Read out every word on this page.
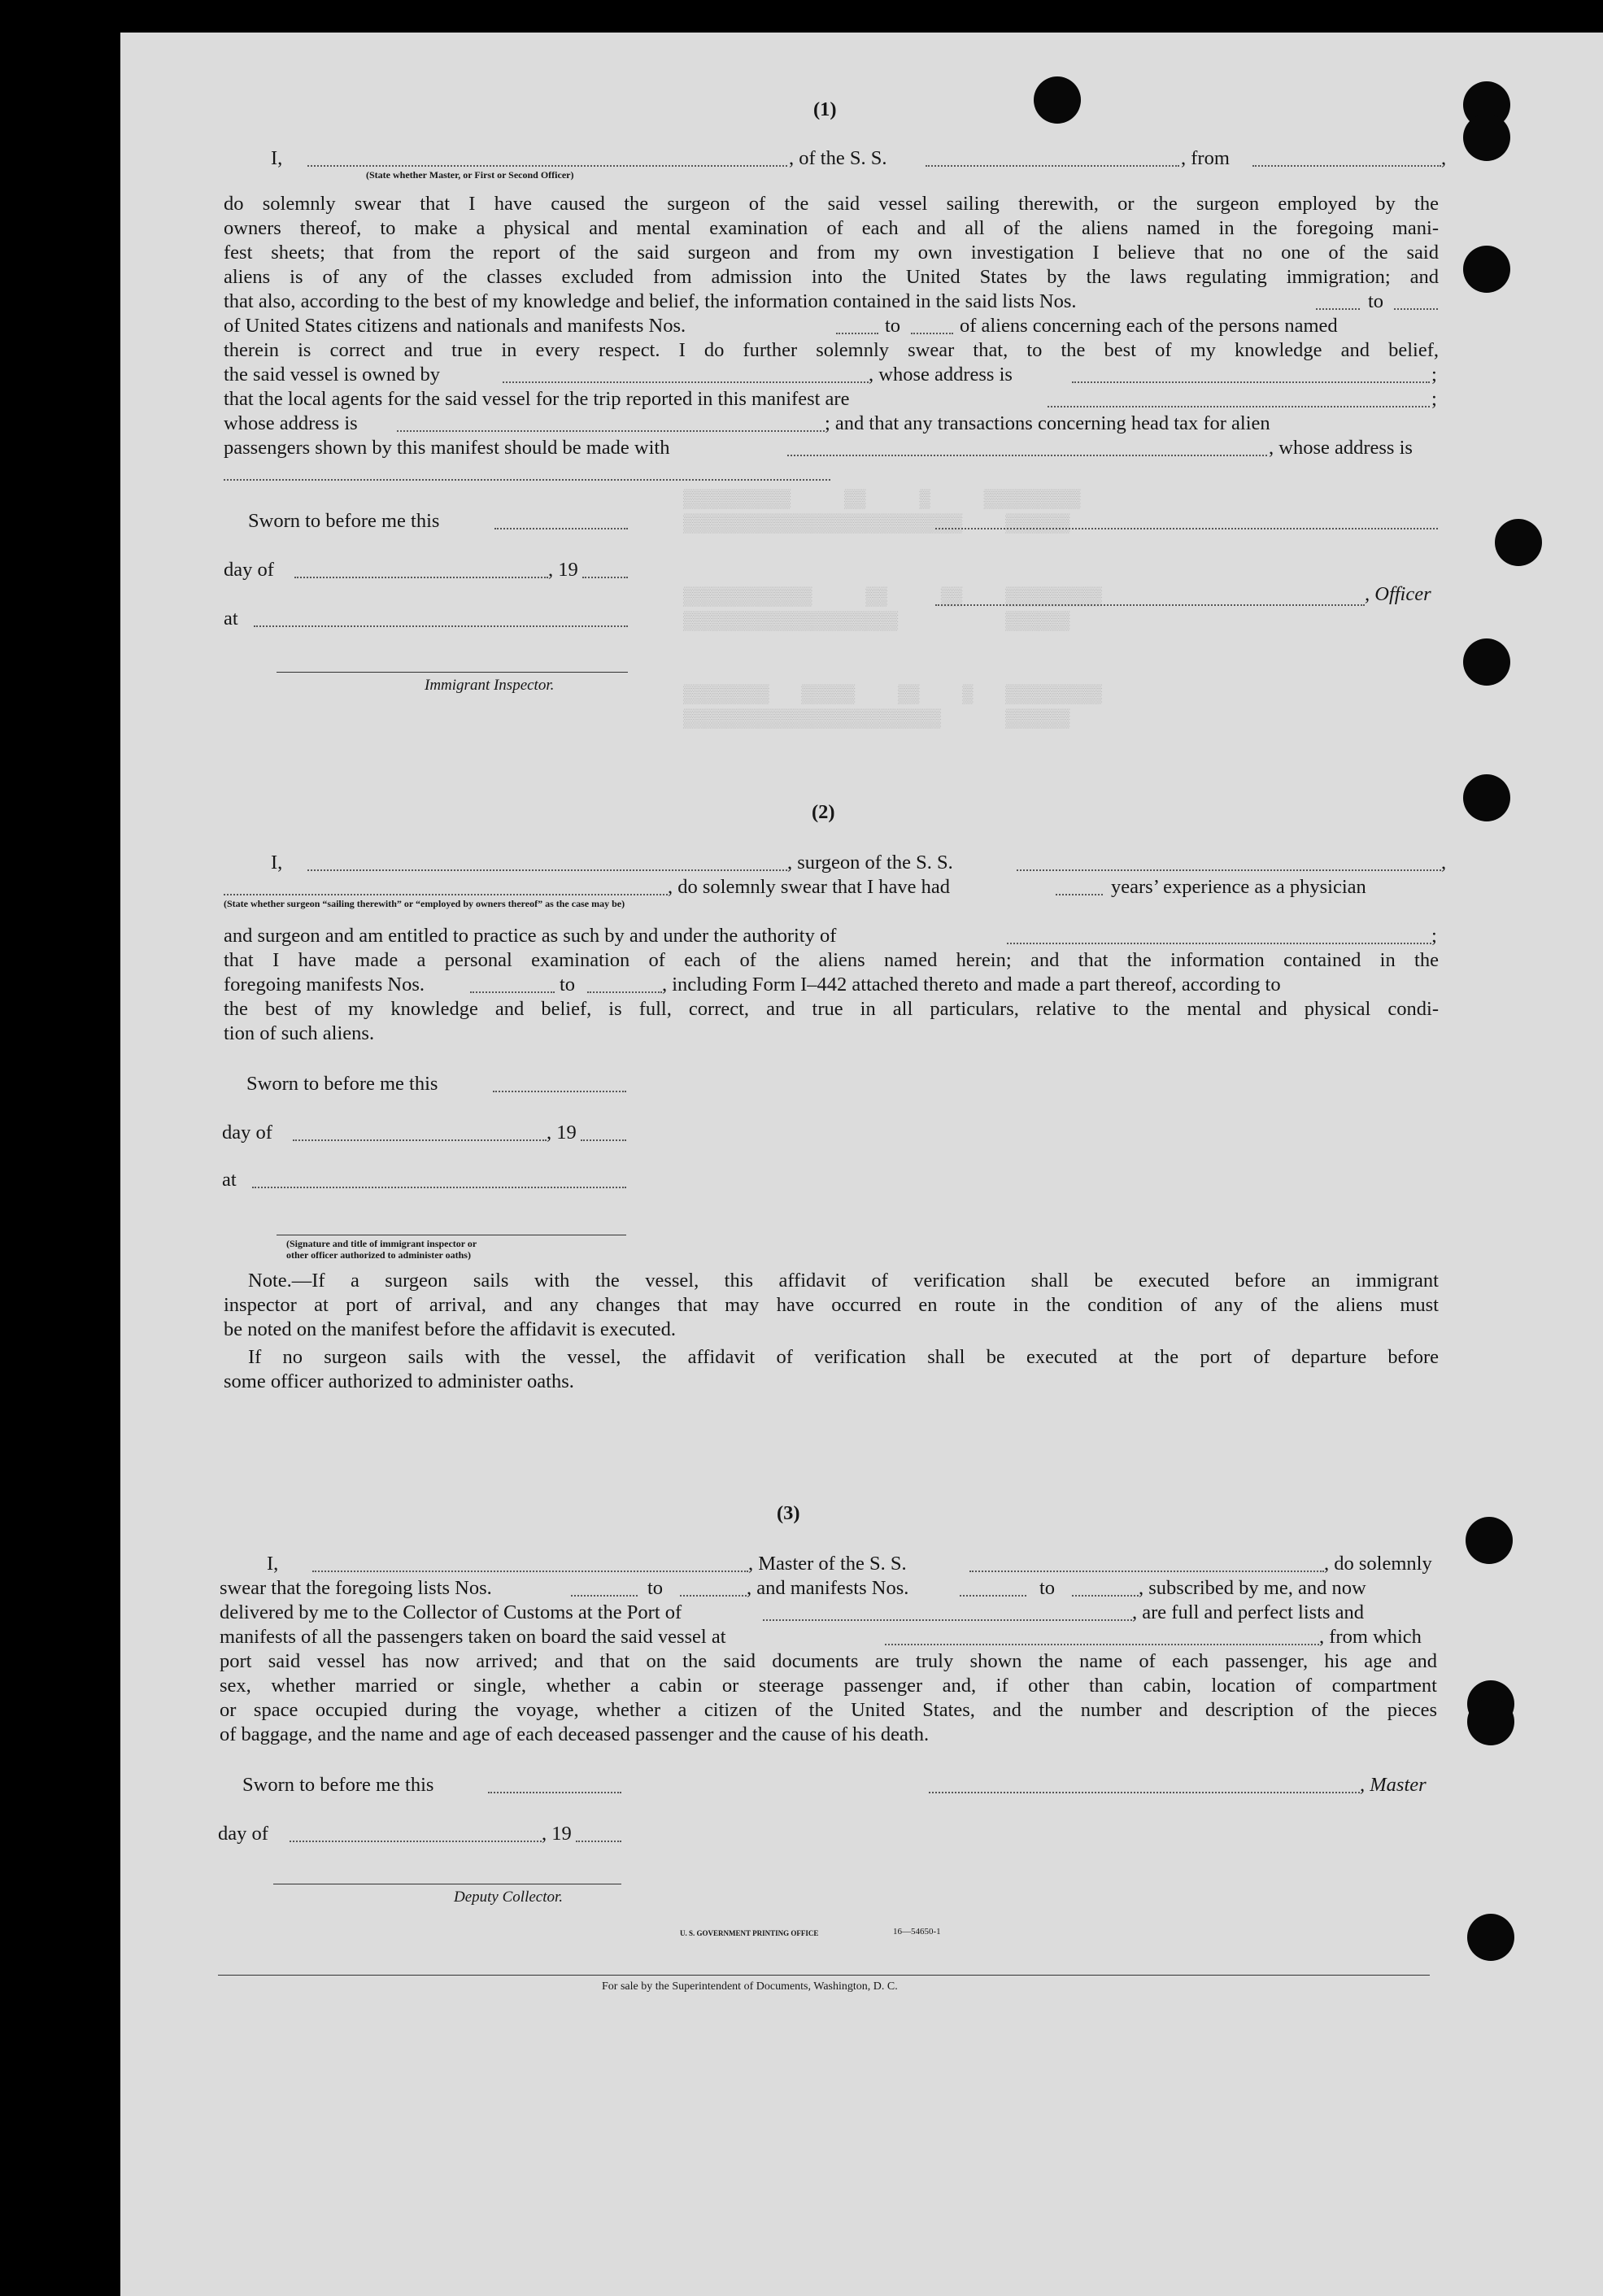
▒▒▒▒▒▒▒▒▒▒     ▒▒     ▒     ▒▒▒▒▒▒▒▒▒
▒▒▒▒▒▒▒▒▒▒▒▒▒▒▒▒▒▒▒▒▒▒▒▒▒▒    ▒▒▒▒▒▒

▒▒▒▒▒▒▒▒▒▒▒▒     ▒▒     ▒▒    ▒▒▒▒▒▒▒▒▒
▒▒▒▒▒▒▒▒▒▒▒▒▒▒▒▒▒▒▒▒          ▒▒▒▒▒▒

▒▒▒▒▒▒▒▒   ▒▒▒▒▒    ▒▒    ▒   ▒▒▒▒▒▒▒▒▒
▒▒▒▒▒▒▒▒▒▒▒▒▒▒▒▒▒▒▒▒▒▒▒▒      ▒▒▒▒▒▒
(1)
I,	, of the S. S.	, from	,
(State whether Master, or First or Second Officer)
do solemnly swear that I have caused the surgeon of the said vessel sailing therewith, or the surgeon employed by the
owners thereof, to make a physical and mental examination of each and all of the aliens named in the foregoing mani-
fest sheets; that from the report of the said surgeon and from my own investigation I believe that no one of the said
aliens is of any of the classes excluded from admission into the United States by the laws regulating immigration; and
that also, according to the best of my knowledge and belief, the information contained in the said lists Nos.	to
of United States citizens and nationals and manifests Nos.	to	of aliens concerning each of the persons named
therein is correct and true in every respect. I do further solemnly swear that, to the best of my knowledge and belief,
the said vessel is owned by	, whose address is	;
that the local agents for the said vessel for the trip reported in this manifest are	;
whose address is	; and that any transactions concerning head tax for alien
passengers shown by this manifest should be made with	, whose address is
Sworn to before me this
day of	, 19
, Officer
at
Immigrant Inspector.
(2)
I,	, surgeon of the S. S.	,
, do solemnly swear that I have had	years’ experience as a physician
(State whether surgeon “sailing therewith” or “employed by owners thereof” as the case may be)
and surgeon and am entitled to practice as such by and under the authority of	;
that I have made a personal examination of each of the aliens named herein; and that the information contained in the
foregoing manifests Nos.	to	, including Form I–442 attached thereto and made a part thereof, according to
the best of my knowledge and belief, is full, correct, and true in all particulars, relative to the mental and physical condi-
tion of such aliens.
Sworn to before me this
day of	, 19
at
(Signature and title of immigrant inspector or
other officer authorized to administer oaths)
Note.—If a surgeon sails with the vessel, this affidavit of verification shall be executed before an immigrant
inspector at port of arrival, and any changes that may have occurred en route in the condition of any of the aliens must
be noted on the manifest before the affidavit is executed.
If no surgeon sails with the vessel, the affidavit of verification shall be executed at the port of departure before
some officer authorized to administer oaths.
(3)
I,	, Master of the S. S.	, do solemnly
swear that the foregoing lists Nos.	to	, and manifests Nos.	to	, subscribed by me, and now
delivered by me to the Collector of Customs at the Port of	, are full and perfect lists and
manifests of all the passengers taken on board the said vessel at	, from which
port said vessel has now arrived; and that on the said documents are truly shown the name of each passenger, his age and
sex, whether married or single, whether a cabin or steerage passenger and, if other than cabin, location of compartment
or space occupied during the voyage, whether a citizen of the United States, and the number and description of the pieces
of baggage, and the name and age of each deceased passenger and the cause of his death.
Sworn to before me this	, Master
day of	, 19
Deputy Collector.
U. S. GOVERNMENT PRINTING OFFICE	16—54650-1
For sale by the Superintendent of Documents, Washington, D. C.
